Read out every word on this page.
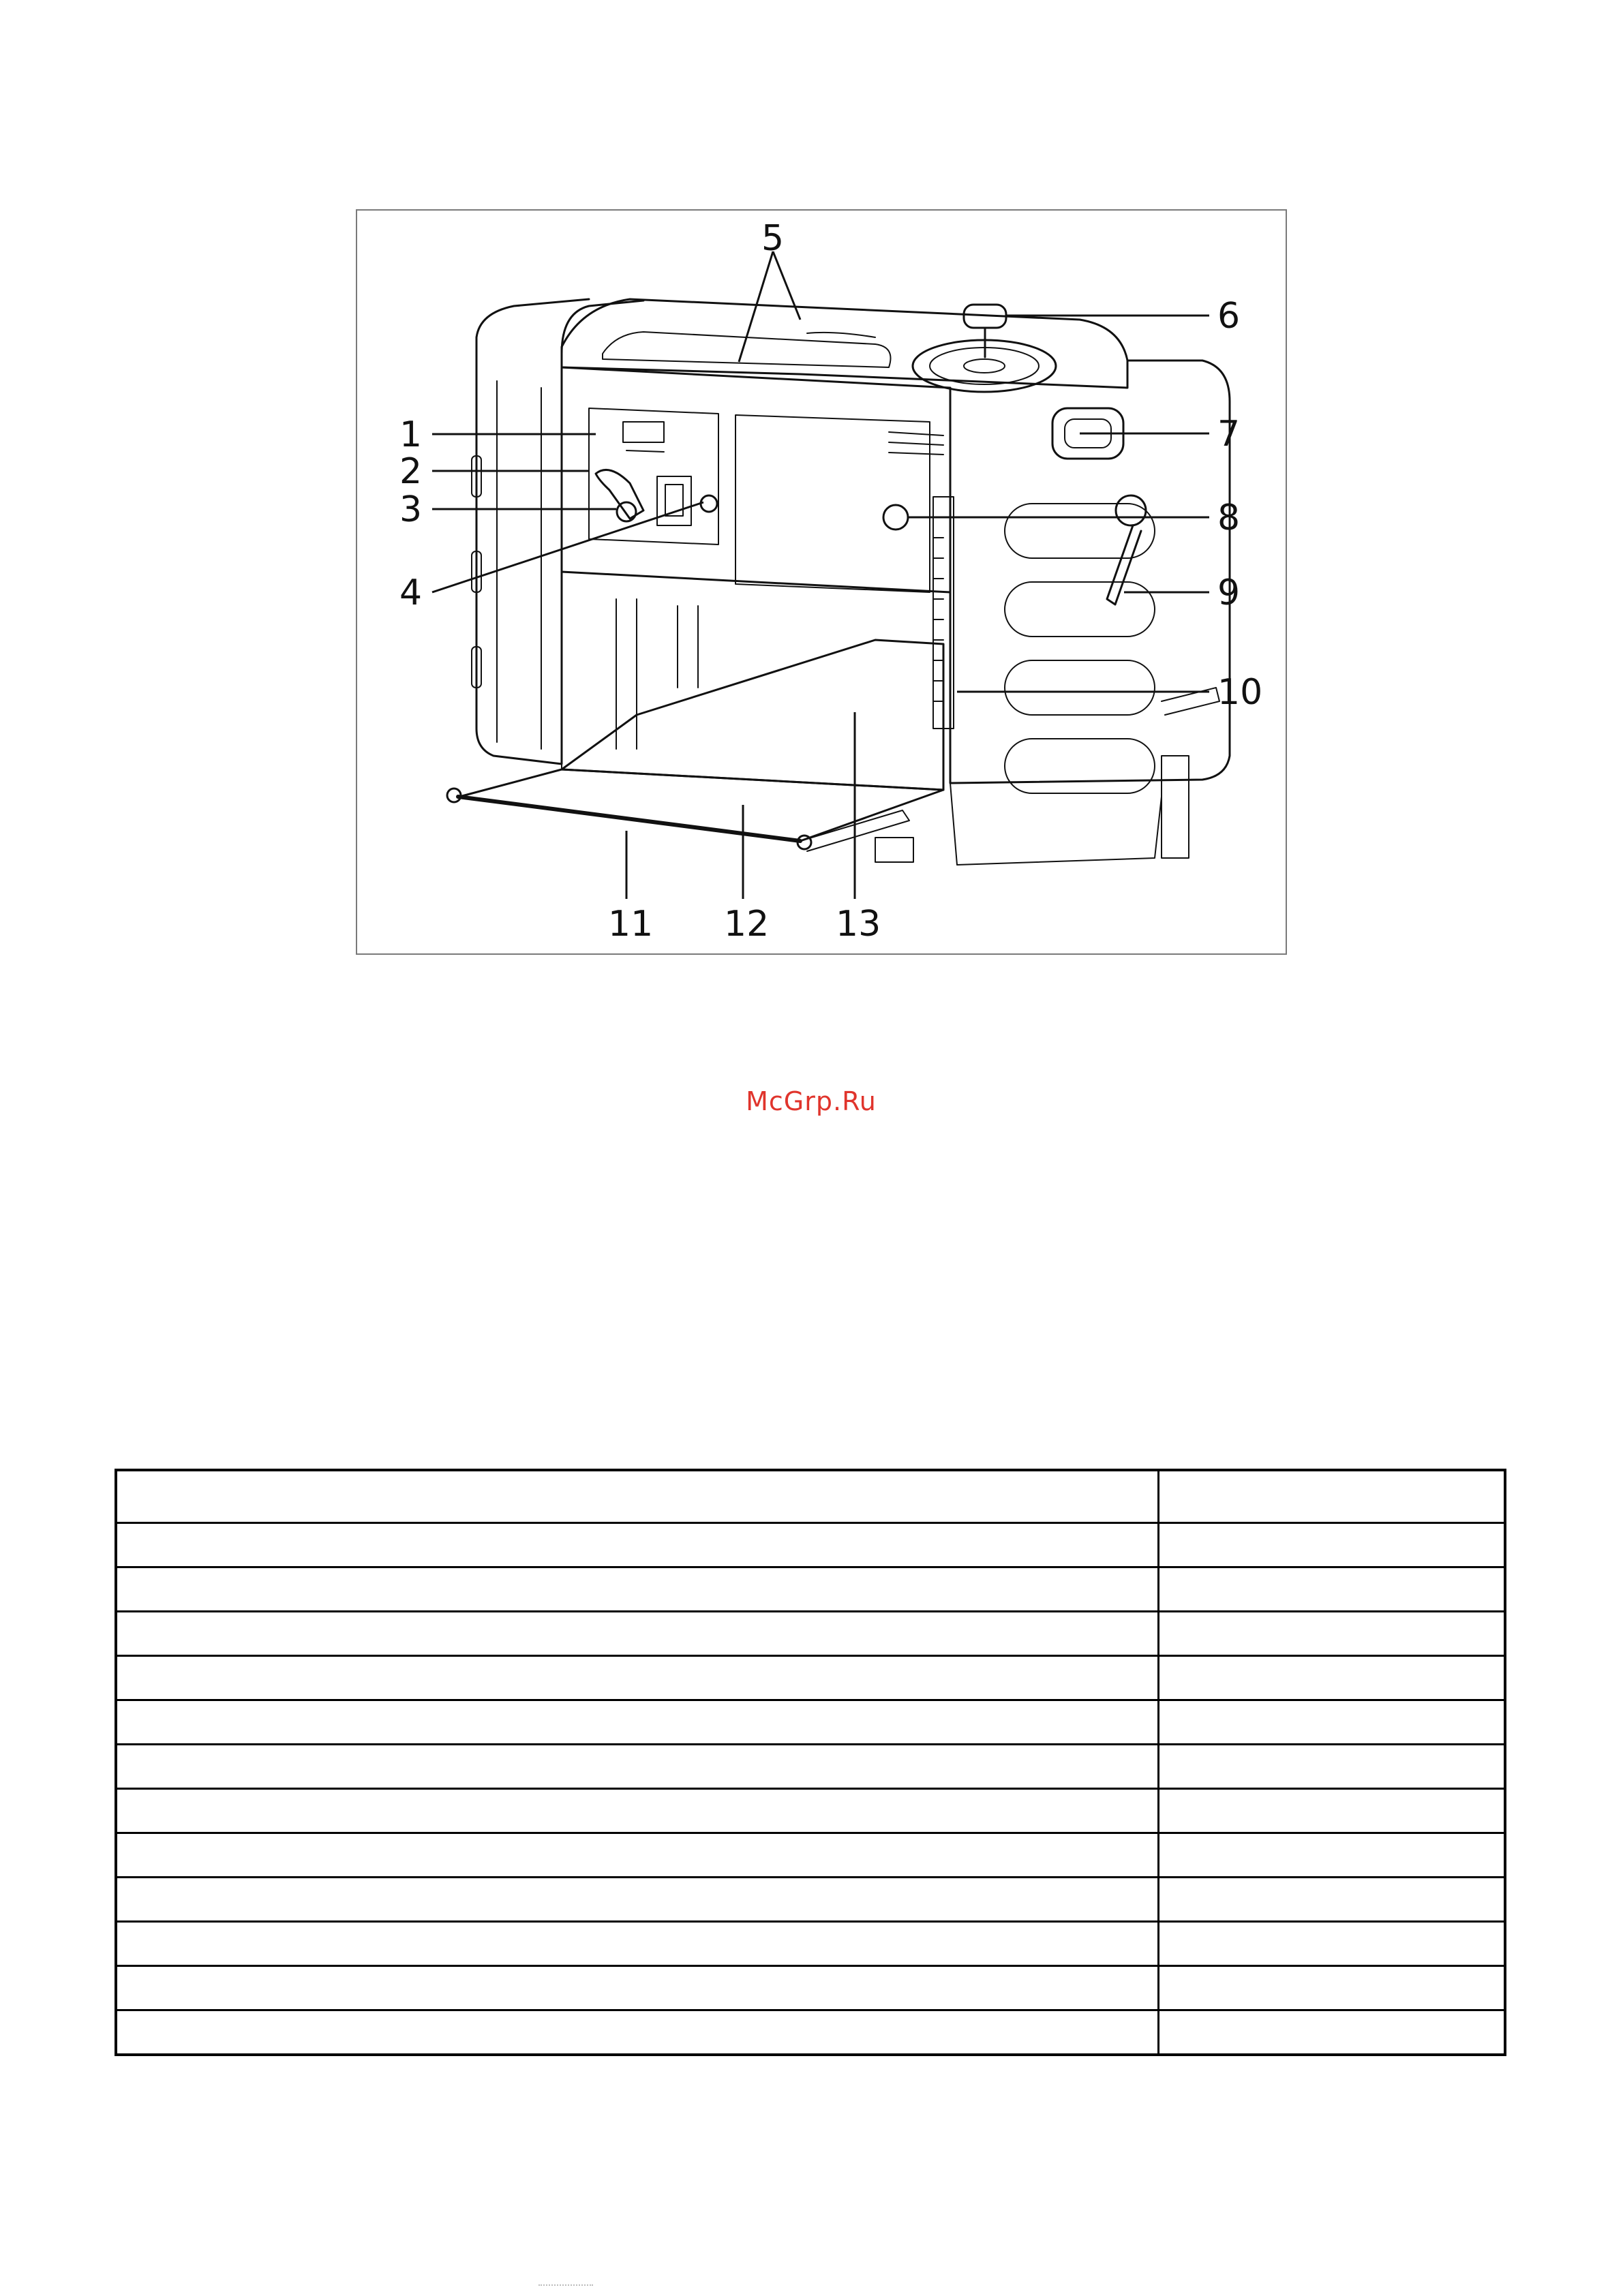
5
6
7
8
9
10
1
2
3
4
11 12 13
McGrp.Ru
